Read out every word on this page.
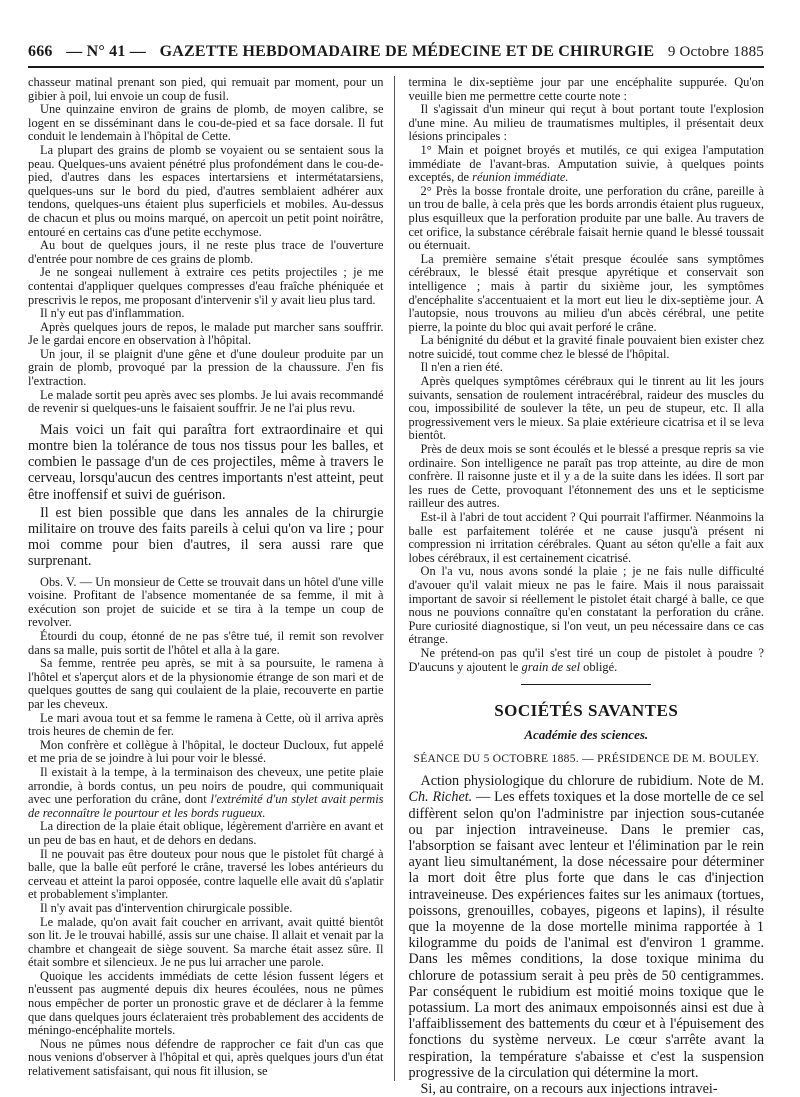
666 — N° 41 — GAZETTE HEBDOMADAIRE DE MÉDECINE ET DE CHIRURGIE 9 Octobre 1885

chasseur matinal prenant son pied, qui remuait par moment, pour un gibier à poil, lui envoie un coup de fusil.

Une quinzaine environ de grains de plomb, de moyen calibre, se logent en se disséminant dans le cou-de-pied et sa face dorsale. Il fut conduit le lendemain à l'hôpital de Cette.

La plupart des grains de plomb se voyaient ou se sentaient sous la peau. Quelques-uns avaient pénétré plus profondément dans le cou-de-pied, d'autres dans les espaces intertarsiens et intermétatarsiens, quelques-uns sur le bord du pied, d'autres semblaient adhérer aux tendons, quelques-uns étaient plus superficiels et mobiles. Au-dessus de chacun et plus ou moins marqué, on apercoit un petit point noirâtre, entouré en certains cas d'une petite ecchymose.

Au bout de quelques jours, il ne reste plus trace de l'ouverture d'entrée pour nombre de ces grains de plomb.

Je ne songeai nullement à extraire ces petits projectiles ; je me contentai d'appliquer quelques compresses d'eau fraîche phéniquée et prescrivis le repos, me proposant d'intervenir s'il y avait lieu plus tard.

Il n'y eut pas d'inflammation.

Après quelques jours de repos, le malade put marcher sans souffrir. Je le gardai encore en observation à l'hôpital.

Un jour, il se plaignit d'une gêne et d'une douleur produite par un grain de plomb, provoqué par la pression de la chaussure. J'en fis l'extraction.

Le malade sortit peu après avec ses plombs. Je lui avais recommandé de revenir si quelques-uns le faisaient souffrir. Je ne l'ai plus revu.

Mais voici un fait qui paraîtra fort extraordinaire et qui montre bien la tolérance de tous nos tissus pour les balles, et combien le passage d'un de ces projectiles, même à travers le cerveau, lorsqu'aucun des centres importants n'est atteint, peut être inoffensif et suivi de guérison.

Il est bien possible que dans les annales de la chirurgie militaire on trouve des faits pareils à celui qu'on va lire ; pour moi comme pour bien d'autres, il sera aussi rare que surprenant.

Obs. V. — Un monsieur de Cette se trouvait dans un hôtel d'une ville voisine. Profitant de l'absence momentanée de sa femme, il mit à exécution son projet de suicide et se tira à la tempe un coup de revolver.

Étourdi du coup, étonné de ne pas s'être tué, il remit son revolver dans sa malle, puis sortit de l'hôtel et alla à la gare.

Sa femme, rentrée peu après, se mit à sa poursuite, le ramena à l'hôtel et s'aperçut alors et de la physionomie étrange de son mari et de quelques gouttes de sang qui coulaient de la plaie, recouverte en partie par les cheveux.

Le mari avoua tout et sa femme le ramena à Cette, où il arriva après trois heures de chemin de fer.

Mon confrère et collègue à l'hôpital, le docteur Ducloux, fut appelé et me pria de se joindre à lui pour voir le blessé.

Il existait à la tempe, à la terminaison des cheveux, une petite plaie arrondie, à bords contus, un peu noirs de poudre, qui communiquait avec une perforation du crâne, dont l'extrémité d'un stylet avait permis de reconnaître le pourtour et les bords rugueux.

La direction de la plaie était oblique, légèrement d'arrière en avant et un peu de bas en haut, et de dehors en dedans.

Il ne pouvait pas être douteux pour nous que le pistolet fût chargé à balle, que la balle eût perforé le crâne, traversé les lobes antérieurs du cerveau et atteint la paroi opposée, contre laquelle elle avait dû s'aplatir et probablement s'implanter.

Il n'y avait pas d'intervention chirurgicale possible.

Le malade, qu'on avait fait coucher en arrivant, avait quitté bientôt son lit. Je le trouvai habillé, assis sur une chaise. Il allait et venait par la chambre et changeait de siège souvent. Sa marche était assez sûre. Il était sombre et silencieux. Je ne pus lui arracher une parole.

Quoique les accidents immédiats de cette lésion fussent légers et n'eussent pas augmenté depuis dix heures écoulées, nous ne pûmes nous empêcher de porter un pronostic grave et de déclarer à la femme que dans quelques jours éclateraient très probablement des accidents de méningo-encéphalite mortels.

Nous ne pûmes nous défendre de rapprocher ce fait d'un cas que nous venions d'observer à l'hôpital et qui, après quelques jours d'un état relativement satisfaisant, qui nous fit illusion, se

termina le dix-septième jour par une encéphalite suppurée. Qu'on veuille bien me permettre cette courte note :

Il s'agissait d'un mineur qui reçut à bout portant toute l'explosion d'une mine. Au milieu de traumatismes multiples, il présentait deux lésions principales :

1° Main et poignet broyés et mutilés, ce qui exigea l'amputation immédiate de l'avant-bras. Amputation suivie, à quelques points exceptés, de réunion immédiate.

2° Près la bosse frontale droite, une perforation du crâne, pareille à un trou de balle, à cela près que les bords arrondis étaient plus rugueux, plus esquilleux que la perforation produite par une balle. Au travers de cet orifice, la substance cérébrale faisait hernie quand le blessé toussait ou éternuait.

La première semaine s'était presque écoulée sans symptômes cérébraux, le blessé était presque apyrétique et conservait son intelligence ; mais à partir du sixième jour, les symptômes d'encéphalite s'accentuaient et la mort eut lieu le dix-septième jour. A l'autopsie, nous trouvons au milieu d'un abcès cérébral, une petite pierre, la pointe du bloc qui avait perforé le crâne.

La bénignité du début et la gravité finale pouvaient bien exister chez notre suicidé, tout comme chez le blessé de l'hôpital.

Il n'en a rien été.

Après quelques symptômes cérébraux qui le tinrent au lit les jours suivants, sensation de roulement intracérébral, raideur des muscles du cou, impossibilité de soulever la tête, un peu de stupeur, etc. Il alla progressivement vers le mieux. Sa plaie extérieure cicatrisa et il se leva bientôt.

Près de deux mois se sont écoulés et le blessé a presque repris sa vie ordinaire. Son intelligence ne paraît pas trop atteinte, au dire de mon confrère. Il raisonne juste et il y a de la suite dans les idées. Il sort par les rues de Cette, provoquant l'étonnement des uns et le septicisme railleur des autres.

Est-il à l'abri de tout accident ? Qui pourrait l'affirmer. Néanmoins la balle est parfaitement tolérée et ne cause jusqu'à présent ni compression ni irritation cérébrales. Quant au séton qu'elle a fait aux lobes cérébraux, il est certainement cicatrisé.

On l'a vu, nous avons sondé la plaie ; je ne fais nulle difficulté d'avouer qu'il valait mieux ne pas le faire. Mais il nous paraissait important de savoir si réellement le pistolet était chargé à balle, ce que nous ne pouvions connaître qu'en constatant la perforation du crâne. Pure curiosité diagnostique, si l'on veut, un peu nécessaire dans ce cas étrange.

Ne prétend-on pas qu'il s'est tiré un coup de pistolet à poudre ? D'aucuns y ajoutent le grain de sel obligé.

SOCIÉTÉS SAVANTES
Académie des sciences.
SÉANCE DU 5 OCTOBRE 1885. — PRÉSIDENCE DE M. BOULEY.

Action physiologique du chlorure de rubidium. Note de M. Ch. Richet. — Les effets toxiques et la dose mortelle de ce sel diffèrent selon qu'on l'administre par injection sous-cutanée ou par injection intraveineuse. Dans le premier cas, l'absorption se faisant avec lenteur et l'élimination par le rein ayant lieu simultanément, la dose nécessaire pour déterminer la mort doit être plus forte que dans le cas d'injection intraveineuse. Des expériences faites sur les animaux (tortues, poissons, grenouilles, cobayes, pigeons et lapins), il résulte que la moyenne de la dose mortelle minima rapportée à 1 kilogramme du poids de l'animal est d'environ 1 gramme. Dans les mêmes conditions, la dose toxique minima du chlorure de potassium serait à peu près de 50 centigrammes. Par conséquent le rubidium est moitié moins toxique que le potassium. La mort des animaux empoisonnés ainsi est due à l'affaiblissement des battements du cœur et à l'épuisement des fonctions du système nerveux. Le cœur s'arrête avant la respiration, la température s'abaisse et c'est la suspension progressive de la circulation qui détermine la mort.

Si, au contraire, on a recours aux injections intravei-
